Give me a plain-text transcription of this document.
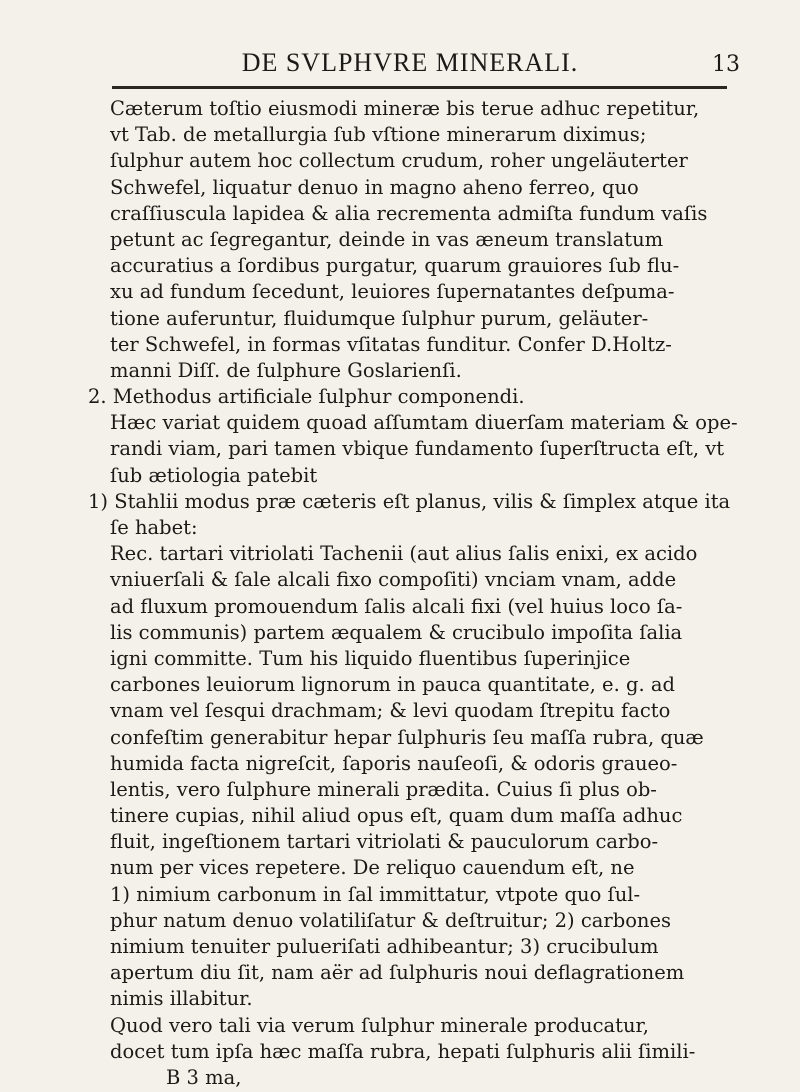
DE SVLPHVRE MINERALI.	13
Cæterum toſtio eiusmodi mineræ bis terue adhuc repetitur,
vt Tab. de metallurgia ſub vſtione minerarum diximus;
ſulphur autem hoc collectum crudum, roher ungeläuterter
Schwefel, liquatur denuo in magno aheno ferreo, quo
craſſiuscula lapidea & alia recrementa admiſta fundum vaſis
petunt ac ſegregantur, deinde in vas æneum translatum
accuratius a ſordibus purgatur, quarum grauiores ſub flu-
xu ad fundum ſecedunt, leuiores ſupernatantes deſpuma-
tione auferuntur, fluidumque ſulphur purum, geläuter-
ter Schwefel, in formas vſitatas funditur. Confer D.Holtz-
manni Diſſ. de ſulphure Goslarienſi.
2. Methodus artificiale ſulphur componendi.
Hæc variat quidem quoad aſſumtam diuerſam materiam & ope-
randi viam, pari tamen vbique fundamento ſuperſtructa eſt, vt
ſub ætiologia patebit
1) Stahlii modus præ cæteris eſt planus, vilis & ſimplex atque ita
ſe habet:
Rec. tartari vitriolati Tachenii (aut alius ſalis enixi, ex acido
vniuerſali & ſale alcali fixo compoſiti) vnciam vnam, adde
ad fluxum promouendum ſalis alcali fixi (vel huius loco ſa-
lis communis) partem æqualem & crucibulo impoſita ſalia
igni committe. Tum his liquido fluentibus ſuperinjice
carbones leuiorum lignorum in pauca quantitate, e. g. ad
vnam vel ſesqui drachmam; & levi quodam ſtrepitu facto
confeſtim generabitur hepar ſulphuris ſeu maſſa rubra, quæ
humida facta nigreſcit, ſaporis nauſeoſi, & odoris graueo-
lentis, vero ſulphure minerali prædita. Cuius ſi plus ob-
tinere cupias, nihil aliud opus eſt, quam dum maſſa adhuc
fluit, ingeſtionem tartari vitriolati & pauculorum carbo-
num per vices repetere. De reliquo cauendum eſt, ne
1) nimium carbonum in ſal immittatur, vtpote quo ſul-
phur natum denuo volatiliſatur & deſtruitur; 2) carbones
nimium tenuiter pulueriſati adhibeantur; 3) crucibulum
apertum diu ſit, nam aër ad ſulphuris noui deflagrationem
nimis illabitur.
Quod vero tali via verum ſulphur minerale producatur,
docet tum ipſa hæc maſſa rubra, hepati ſulphuris alii ſimili-
B 3 ma,
